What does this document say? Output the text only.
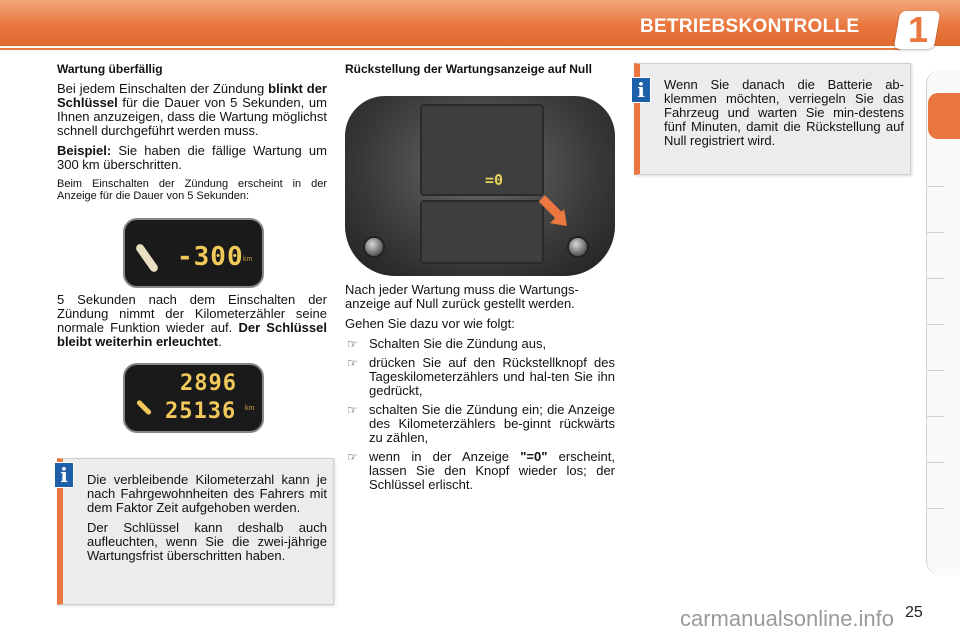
BETRIEBSKONTROLLE 1

Wartung überfällig

Bei jedem Einschalten der Zündung blinkt der Schlüssel für die Dauer von 5 Sekunden, um Ihnen anzuzeigen, dass die Wartung möglichst schnell durchgeführt werden muss.

Beispiel: Sie haben die fällige Wartung um 300 km überschritten.

Beim Einschalten der Zündung erscheint in der Anzeige für die Dauer von 5 Sekunden:

-300 km

5 Sekunden nach dem Einschalten der Zündung nimmt der Kilometerzähler seine normale Funktion wieder auf. Der Schlüssel bleibt weiterhin erleuchtet.

2896
25136 km

Die verbleibende Kilometerzahl kann je nach Fahrgewohnheiten des Fahrers mit dem Faktor Zeit aufgehoben werden.

Der Schlüssel kann deshalb auch aufleuchten, wenn Sie die zwei-jährige Wartungsfrist überschritten haben.

i

Rückstellung der Wartungsanzeige auf Null

=0

Nach jeder Wartung muss die Wartungs-anzeige auf Null zurück gestellt werden.

Gehen Sie dazu vor wie folgt:

☞ Schalten Sie die Zündung aus,
☞ drücken Sie auf den Rückstellknopf des Tageskilometerzählers und hal-ten Sie ihn gedrückt,
☞ schalten Sie die Zündung ein; die Anzeige des Kilometerzählers be-ginnt rückwärts zu zählen,
☞ wenn in der Anzeige "=0" erscheint, lassen Sie den Knopf wieder los; der Schlüssel erlischt.

Wenn Sie danach die Batterie ab-klemmen möchten, verriegeln Sie das Fahrzeug und warten Sie min-destens fünf Minuten, damit die Rückstellung auf Null registriert wird.

i
carmanualsonline.info 25
